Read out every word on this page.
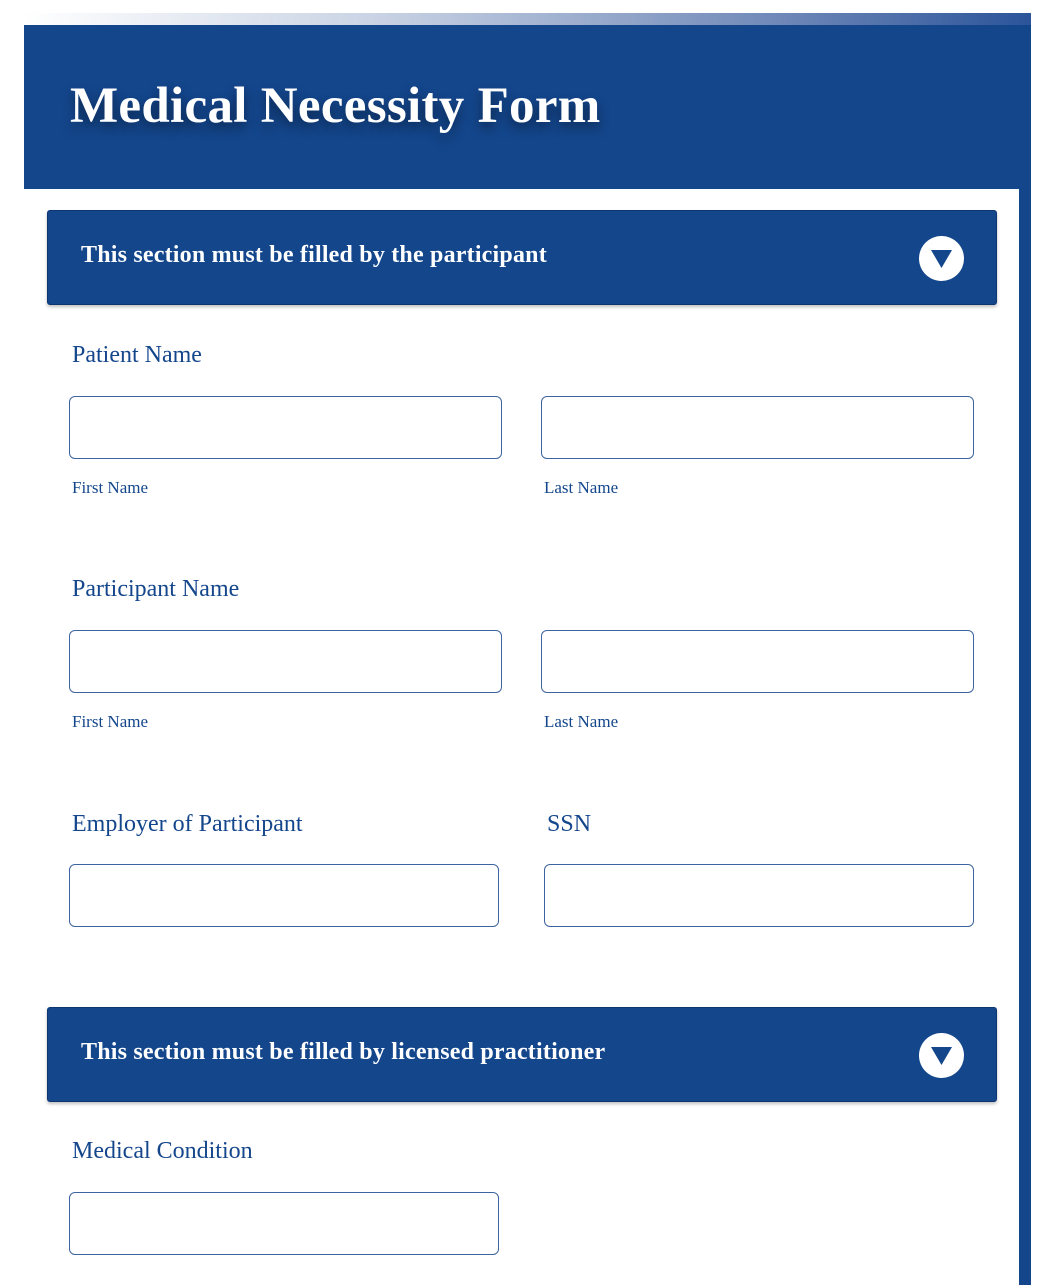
Medical Necessity Form
This section must be filled by the participant
Patient Name
First Name	Last Name
Participant Name
First Name	Last Name
Employer of Participant	SSN
This section must be filled by licensed practitioner
Medical Condition
